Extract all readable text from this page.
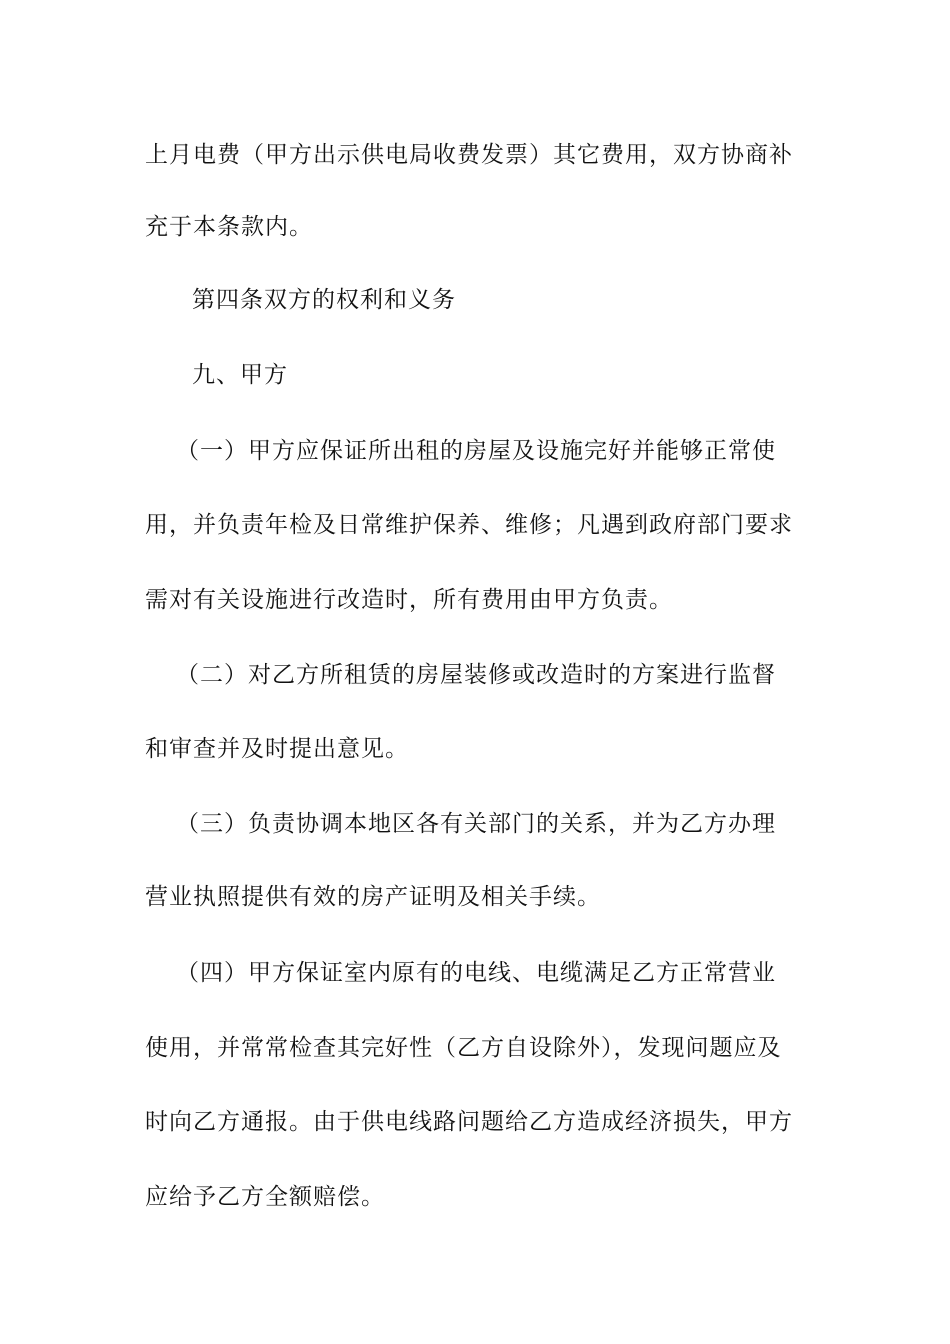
上月电费（甲方出示供电局收费发票）其它费用，双方协商补
充于本条款内。
第四条双方的权利和义务
九、甲方
（一）甲方应保证所出租的房屋及设施完好并能够正常使
用，并负责年检及日常维护保养、维修；凡遇到政府部门要求
需对有关设施进行改造时，所有费用由甲方负责。
（二）对乙方所租赁的房屋装修或改造时的方案进行监督
和审查并及时提出意见。
（三）负责协调本地区各有关部门的关系，并为乙方办理
营业执照提供有效的房产证明及相关手续。
（四）甲方保证室内原有的电线、电缆满足乙方正常营业
使用，并常常检查其完好性（乙方自设除外），发现问题应及
时向乙方通报。由于供电线路问题给乙方造成经济损失，甲方
应给予乙方全额赔偿。
